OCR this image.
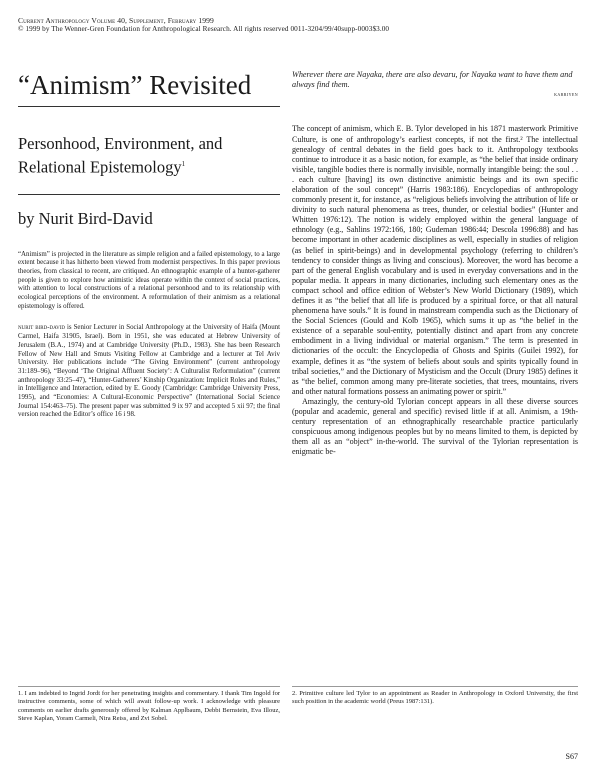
Current Anthropology Volume 40, Supplement, February 1999
© 1999 by The Wenner-Gren Foundation for Anthropological Research. All rights reserved 0011-3204/99/40supp-0003$3.00
“Animism” Revisited
Personhood, Environment, and
Relational Epistemology$^1$
by Nurit Bird-David

“Animism” is projected in the literature as simple religion and a failed epistemology, to a large extent because it has hitherto been viewed from modernist perspectives. In this paper previous theories, from classical to recent, are critiqued. An ethnographic example of a hunter-gatherer people is given to explore how animistic ideas operate within the context of social practices, with attention to local constructions of a relational personhood and to its relationship with ecological perceptions of the environment. A reformulation of their animism as a relational epistemology is offered.

nurit bird-david is Senior Lecturer in Social Anthropology at the University of Haifa (Mount Carmel, Haifa 31905, Israel). Born in 1951, she was educated at Hebrew University of Jerusalem (B.A., 1974) and at Cambridge University (Ph.D., 1983). She has been Research Fellow of New Hall and Smuts Visiting Fellow at Cambridge and a lecturer at Tel Aviv University. Her publications include “The Giving Environment” (current anthropology 31:189–96), “Beyond ‘The Original Affluent Society’: A Culturalist Reformulation” (current anthropology 33:25–47), “Hunter-Gatherers’ Kinship Organization: Implicit Roles and Rules,” in Intelligence and Interaction, edited by E. Goody (Cambridge: Cambridge University Press, 1995), and “Economies: A Cultural-Economic Perspective” (International Social Science Journal 154:463–75). The present paper was submitted 9 ix 97 and accepted 5 xii 97; the final version reached the Editor’s office 16 i 98.

1. I am indebted to Ingrid Jordt for her penetrating insights and commentary. I thank Tim Ingold for instructive comments, some of which will await follow-up work. I acknowledge with pleasure comments on earlier drafts generously offered by Kalman Applbaum, Debbi Bernstein, Eva Illouz, Steve Kaplan, Yoram Carmeli, Nira Reiss, and Zvi Sobel.

Wherever there are Nayaka, there are also devaru, for Nayaka want to have them and always find them.

karriyen

The concept of animism, which E. B. Tylor developed in his 1871 masterwork Primitive Culture, is one of anthropology’s earliest concepts, if not the first.² The intellectual genealogy of central debates in the field goes back to it. Anthropology textbooks continue to introduce it as a basic notion, for example, as “the belief that inside ordinary visible, tangible bodies there is normally invisible, normally intangible being: the soul . . . each culture [having] its own distinctive animistic beings and its own specific elaboration of the soul concept” (Harris 1983:186). Encyclopedias of anthropology commonly present it, for instance, as “religious beliefs involving the attribution of life or divinity to such natural phenomena as trees, thunder, or celestial bodies” (Hunter and Whitten 1976:12). The notion is widely employed within the general language of ethnology (e.g., Sahlins 1972:166, 180; Gudeman 1986:44; Descola 1996:88) and has become important in other academic disciplines as well, especially in studies of religion (as belief in spirit-beings) and in developmental psychology (referring to children’s tendency to consider things as living and conscious). Moreover, the word has become a part of the general English vocabulary and is used in everyday conversations and in the popular media. It appears in many dictionaries, including such elementary ones as the compact school and office edition of Webster’s New World Dictionary (1989), which defines it as “the belief that all life is produced by a spiritual force, or that all natural phenomena have souls.” It is found in mainstream compendia such as the Dictionary of the Social Sciences (Gould and Kolb 1965), which sums it up as “the belief in the existence of a separable soul-entity, potentially distinct and apart from any concrete embodiment in a living individual or material organism.” The term is presented in dictionaries of the occult: the Encyclopedia of Ghosts and Spirits (Guilei 1992), for example, defines it as “the system of beliefs about souls and spirits typically found in tribal societies,” and the Dictionary of Mysticism and the Occult (Drury 1985) defines it as “the belief, common among many pre-literate societies, that trees, mountains, rivers and other natural formations possess an animating power or spirit.”

Amazingly, the century-old Tylorian concept appears in all these diverse sources (popular and academic, general and specific) revised little if at all. Animism, a 19th-century representation of an ethnographically researchable practice particularly conspicuous among indigenous peoples but by no means limited to them, is depicted by them all as an “object” in-the-world. The survival of the Tylorian representation is enigmatic be-

2. Primitive culture led Tylor to an appointment as Reader in Anthropology in Oxford University, the first such position in the academic world (Preus 1987:131).
S67
